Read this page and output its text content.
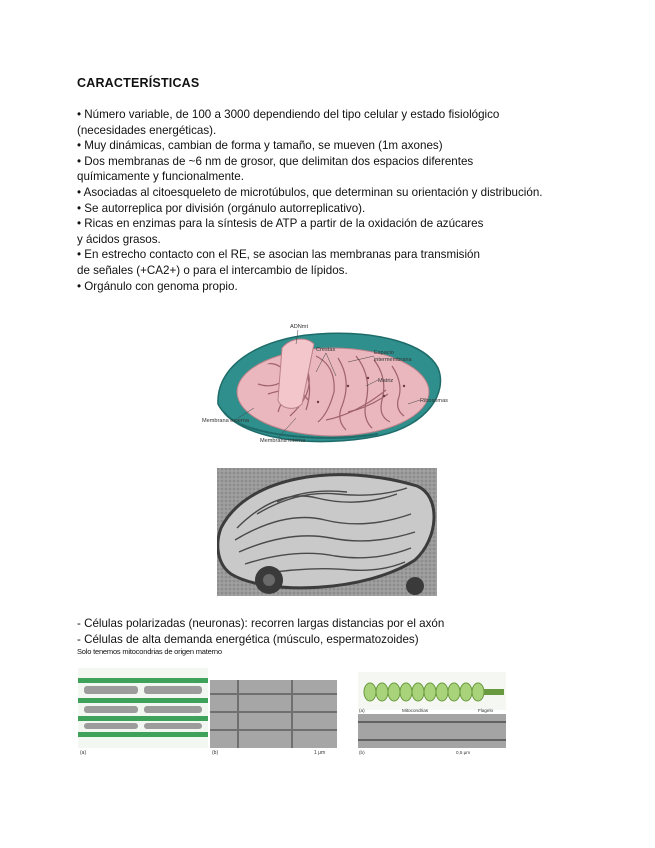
CARACTERÍSTICAS
• Número variable, de 100 a 3000 dependiendo del tipo celular y estado fisiológico
(necesidades energéticas).
• Muy dinámicas, cambian de forma y tamaño, se mueven (1m axones)
• Dos membranas de ~6 nm de grosor, que delimitan dos espacios diferentes
químicamente y funcionalmente.
• Asociadas al citoesqueleto de microtúbulos, que determinan su orientación y distribución.
• Se autorreplica por división (orgánulo autorreplicativo).
• Ricas en enzimas para la síntesis de ATP a partir de la oxidación de azúcares
y ácidos grasos.
• En estrecho contacto con el RE, se asocian las membranas para transmisión
de señales (+CA2+) o para el intercambio de lípidos.
• Orgánulo con genoma propio.
ADNmt
Crestas	Espacio
intermembrana
Matriz
Ribosomas
Membrana externa
Membrana interna
- Células polarizadas (neuronas): recorren largas distancias por el axón
- Células de alta demanda energética (músculo, espermatozoides)
Solo tenemos mitocondrias de origen materno
(a)	(b)	1 μm
(a)	Mitocondrias	Flagelo
(b)	0,5 μm
